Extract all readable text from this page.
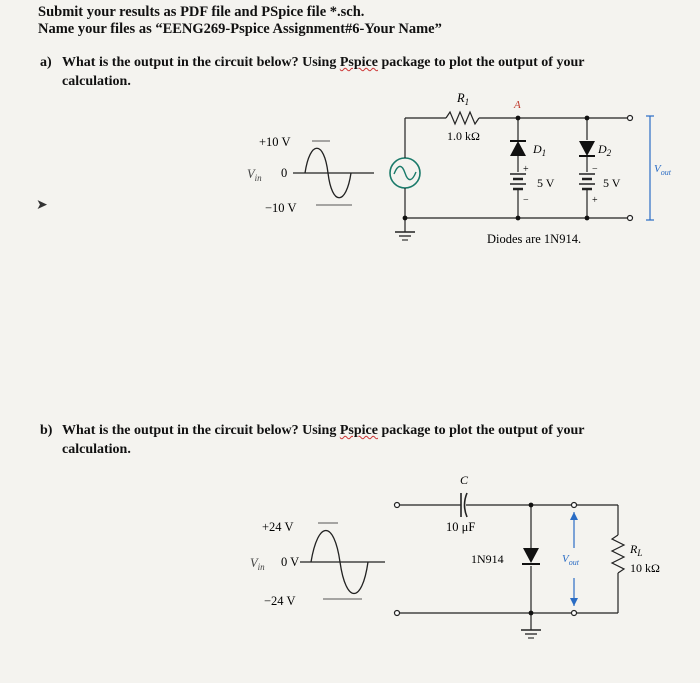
Submit your results as PDF file and PSpice file *.sch.
Name your files as “EENG269-Pspice Assignment#6-Your Name”
a) What is the output in the circuit below? Using Pspice package to plot the output of your
calculation.
➤
+10 V
$V_{in}$ 0
−10 V
$R_1$
1.0 kΩ
A
$D_1$	$D_2$
+
−
−
+
5 V	5 V
$V_{out}$
Diodes are 1N914.
b) What is the output in the circuit below? Using Pspice package to plot the output of your
calculation.
+24 V
$V_{in}$ 0 V
−24 V
C
10 μF
1N914	$V_{out}$
$R_L$
10 kΩ
